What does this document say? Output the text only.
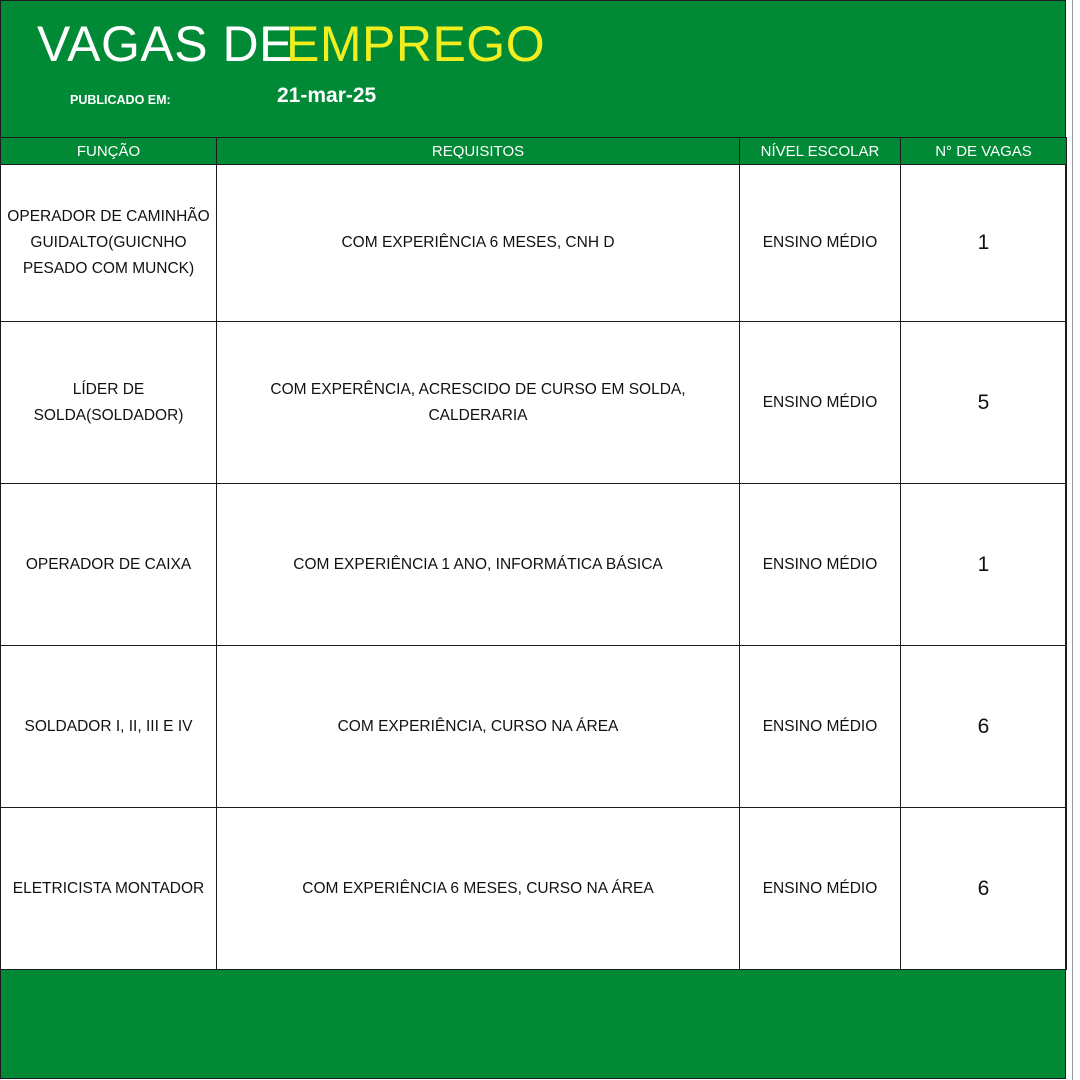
VAGAS DE
EMPREGO
PUBLICADO EM:	21-mar-25
FUNÇÃO	REQUISITOS	NÍVEL ESCOLAR	N° DE VAGAS
OPERADOR DE CAMINHÃO GUIDALTO(GUICNHO PESADO COM MUNCK)	COM EXPERIÊNCIA 6 MESES, CNH D	ENSINO MÉDIO	1
LÍDER DE SOLDA(SOLDADOR)	COM EXPERÊNCIA, ACRESCIDO DE CURSO EM SOLDA, CALDERARIA	ENSINO MÉDIO	5
OPERADOR DE CAIXA	COM EXPERIÊNCIA 1 ANO, INFORMÁTICA BÁSICA	ENSINO MÉDIO	1
SOLDADOR I, II, III E IV	COM EXPERIÊNCIA, CURSO NA ÁREA	ENSINO MÉDIO	6
ELETRICISTA MONTADOR	COM EXPERIÊNCIA 6 MESES, CURSO NA ÁREA	ENSINO MÉDIO	6
